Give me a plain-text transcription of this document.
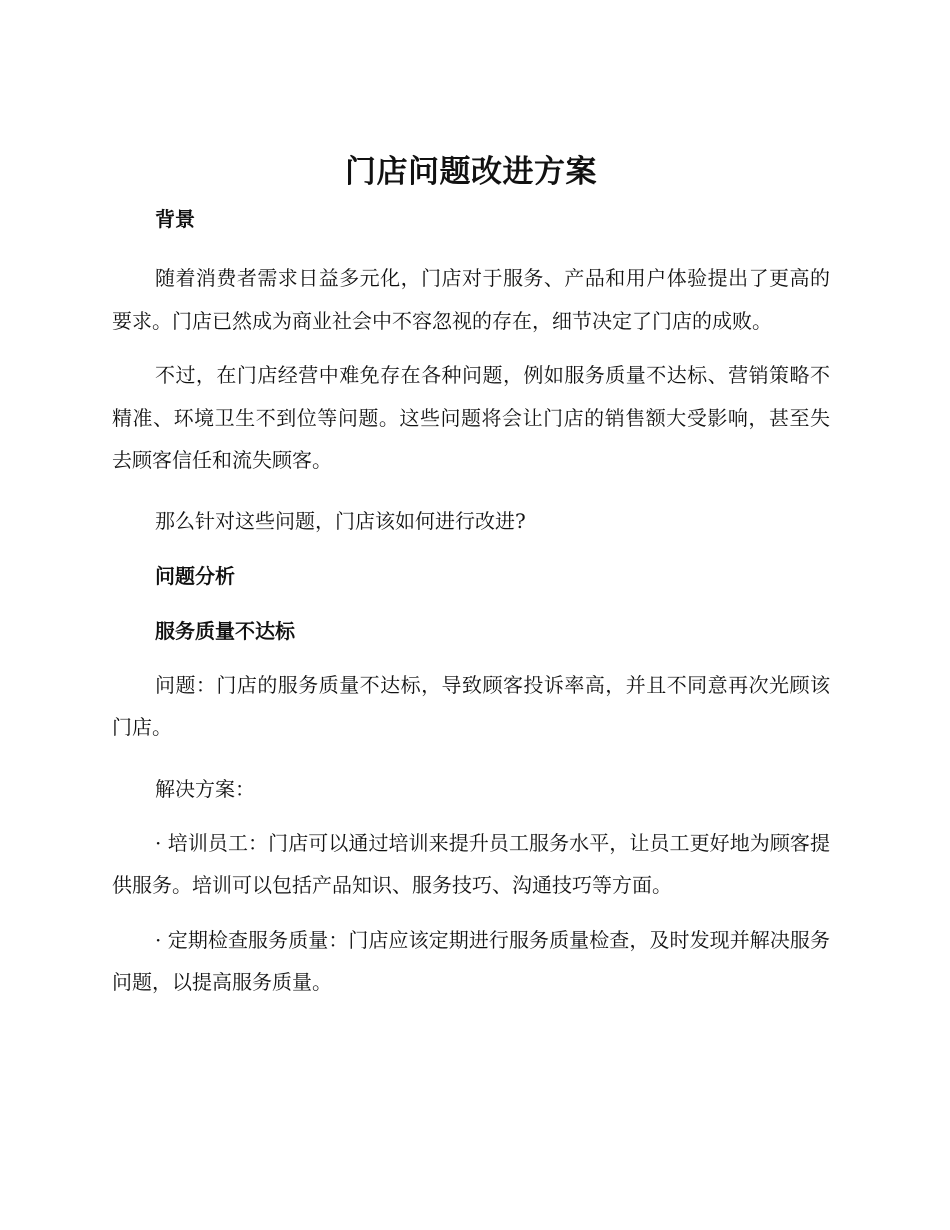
门店问题改进方案
背景

随着消费者需求日益多元化，门店对于服务、产品和用户体验提出了更高的要求。门店已然成为商业社会中不容忽视的存在，细节决定了门店的成败。

不过，在门店经营中难免存在各种问题，例如服务质量不达标、营销策略不精准、环境卫生不到位等问题。这些问题将会让门店的销售额大受影响，甚至失去顾客信任和流失顾客。

那么针对这些问题，门店该如何进行改进?

问题分析
服务质量不达标

问题：门店的服务质量不达标，导致顾客投诉率高，并且不同意再次光顾该门店。

解决方案：

· 培训员工：门店可以通过培训来提升员工服务水平，让员工更好地为顾客提供服务。培训可以包括产品知识、服务技巧、沟通技巧等方面。

· 定期检查服务质量：门店应该定期进行服务质量检查，及时发现并解决服务问题，以提高服务质量。
